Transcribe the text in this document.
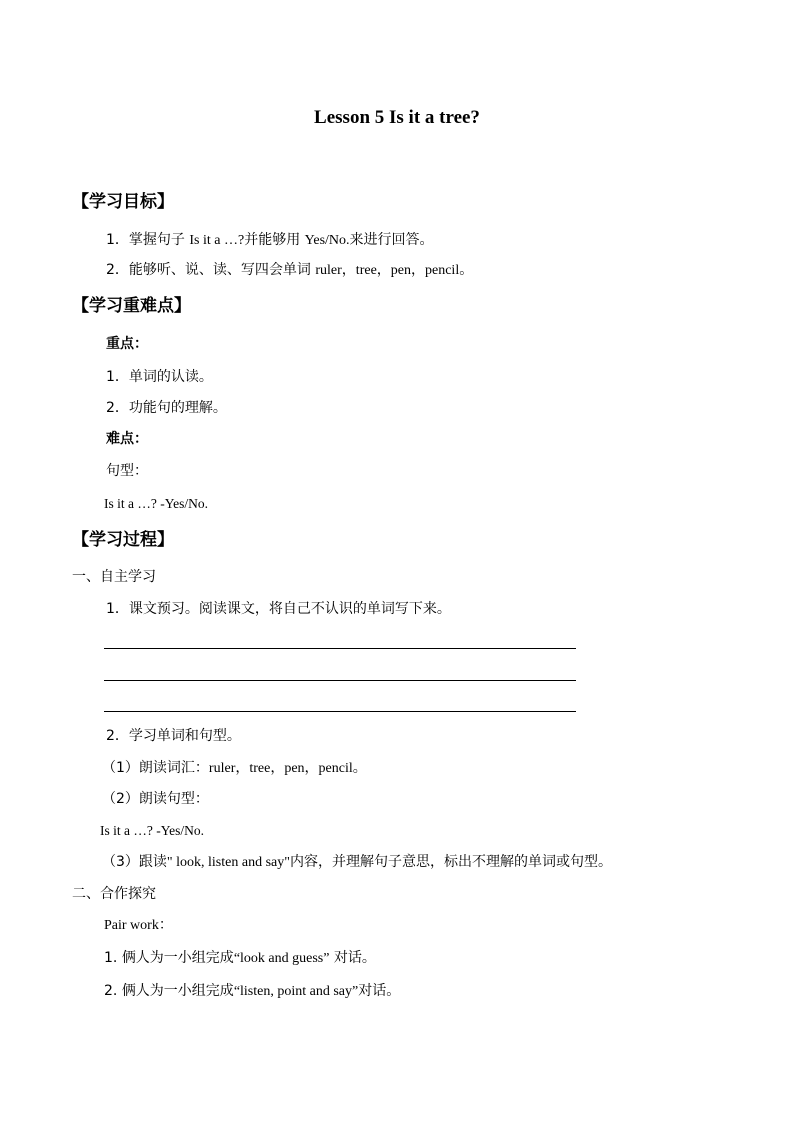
Lesson 5 Is it a tree?
【学习目标】
1．掌握句子 Is it a …?并能够用 Yes/No.来进行回答。
2．能够听、说、读、写四会单词 ruler，tree，pen，pencil。
【学习重难点】
重点：
1．单词的认读。
2．功能句的理解。
难点：
句型：
Is it a …? -Yes/No.
【学习过程】
一、自主学习
1．课文预习。阅读课文，将自己不认识的单词写下来。
2．学习单词和句型。
（1）朗读词汇：ruler，tree，pen，pencil。
（2）朗读句型：
Is it a …? -Yes/No.
（3）跟读" look, listen and say"内容，并理解句子意思，标出不理解的单词或句型。
二、合作探究
Pair work：
1. 俩人为一小组完成“look and guess” 对话。
2. 俩人为一小组完成“listen, point and say”对话。
